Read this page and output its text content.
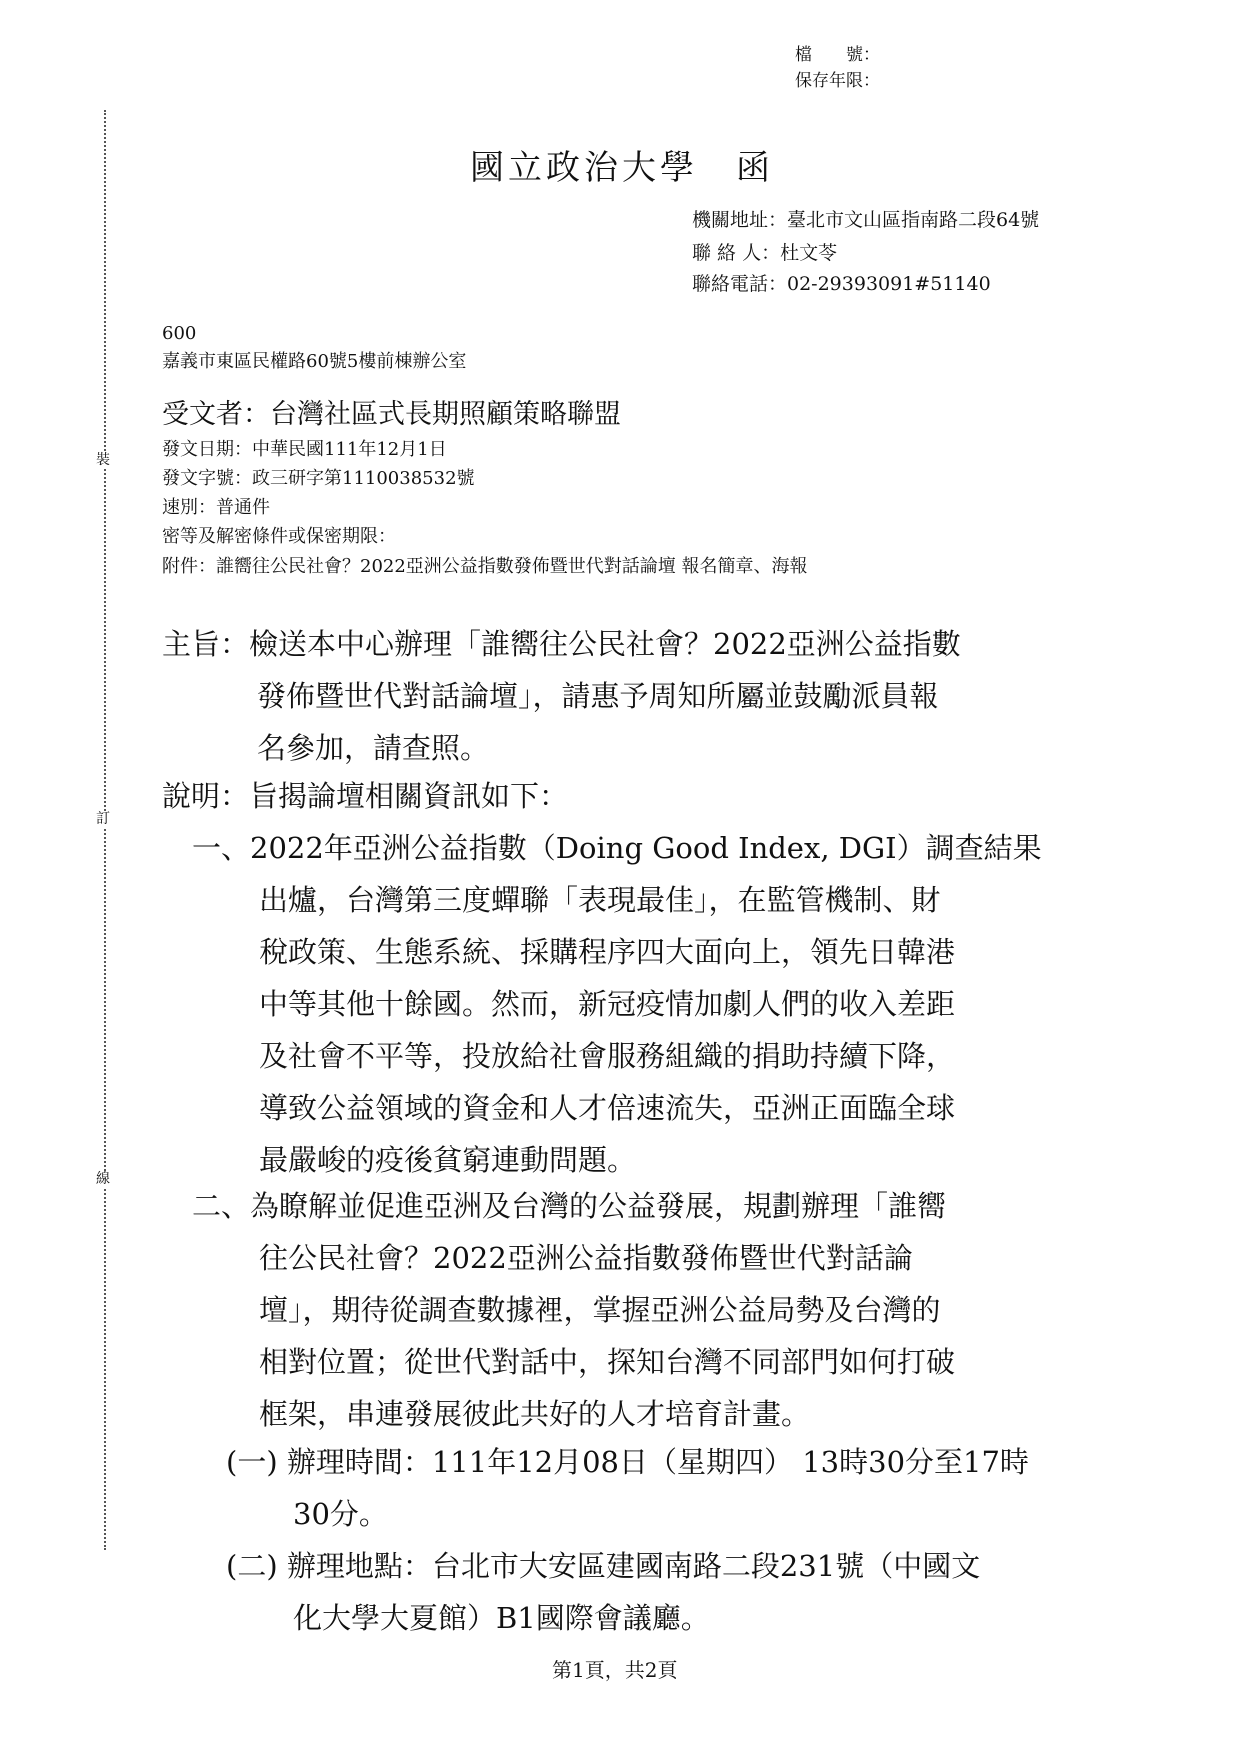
裝
訂
線
檔　　號：
保存年限：
國立政治大學　函
機關地址：臺北市文山區指南路二段64號
聯 絡 人：杜文苓
聯絡電話：02-29393091#51140
600
嘉義市東區民權路60號5樓前棟辦公室
受文者：台灣社區式長期照顧策略聯盟
發文日期：中華民國111年12月1日
發文字號：政三研字第1110038532號
速別：普通件
密等及解密條件或保密期限：
附件：誰嚮往公民社會？2022亞洲公益指數發佈暨世代對話論壇 報名簡章、海報
主旨：檢送本中心辦理「誰嚮往公民社會？2022亞洲公益指數
發佈暨世代對話論壇」，請惠予周知所屬並鼓勵派員報
名參加，請查照。
說明：旨揭論壇相關資訊如下：
一、2022年亞洲公益指數（Doing Good Index, DGI）調查結果
出爐，台灣第三度蟬聯「表現最佳」，在監管機制、財
稅政策、生態系統、採購程序四大面向上，領先日韓港
中等其他十餘國。然而，新冠疫情加劇人們的收入差距
及社會不平等，投放給社會服務組織的捐助持續下降，
導致公益領域的資金和人才倍速流失，亞洲正面臨全球
最嚴峻的疫後貧窮連動問題。
二、為瞭解並促進亞洲及台灣的公益發展，規劃辦理「誰嚮
往公民社會？2022亞洲公益指數發佈暨世代對話論
壇」，期待從調查數據裡，掌握亞洲公益局勢及台灣的
相對位置；從世代對話中，探知台灣不同部門如何打破
框架，串連發展彼此共好的人才培育計畫。
(一) 辦理時間：111年12月08日（星期四） 13時30分至17時
30分。
(二) 辦理地點：台北市大安區建國南路二段231號（中國文
化大學大夏館）B1國際會議廳。
第1頁，共2頁
